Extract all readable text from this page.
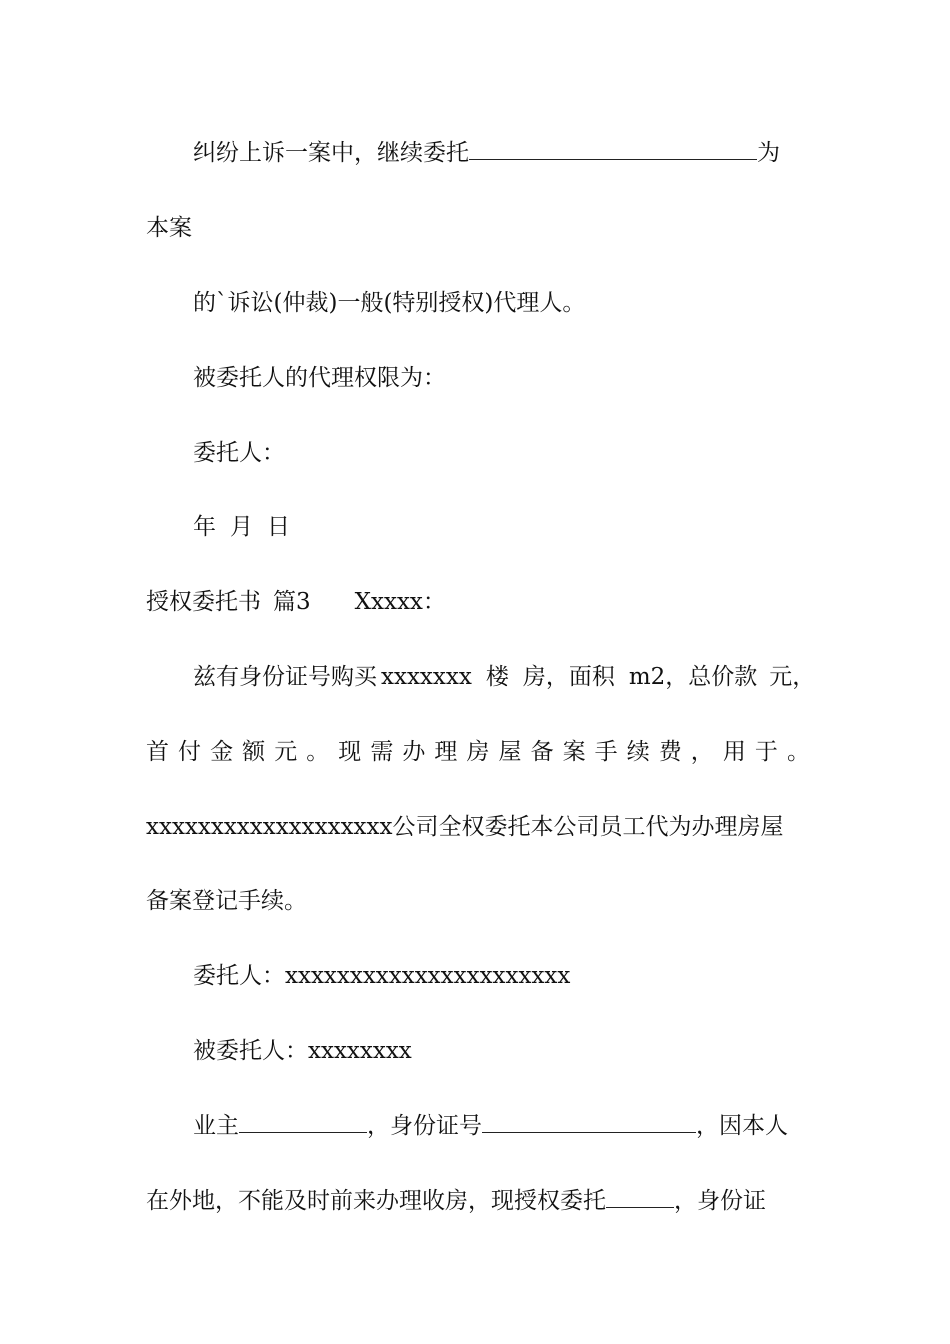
纠纷上诉一案中，继续委托	为
本案
的`诉讼(仲裁)一般(特别授权)代理人。
被委托人的代理权限为：
委托人：
年 月 日
授权委托书 篇3 Xxxxx：
兹有身份证号购买 xxxxxxx 楼 房，面积 m2，总价款 元，
首 付 金 额 元 。 现 需 办 理 房 屋 备 案 手 续 费 ， 用 于 。
xxxxxxxxxxxxxxxxxxx公司全权委托本公司员工代为办理房屋
备案登记手续。
委托人：xxxxxxxxxxxxxxxxxxxxxx
被委托人：xxxxxxxx
业主	，身份证号	，因本人
在外地，不能及时前来办理收房，现授权委托	，身份证
